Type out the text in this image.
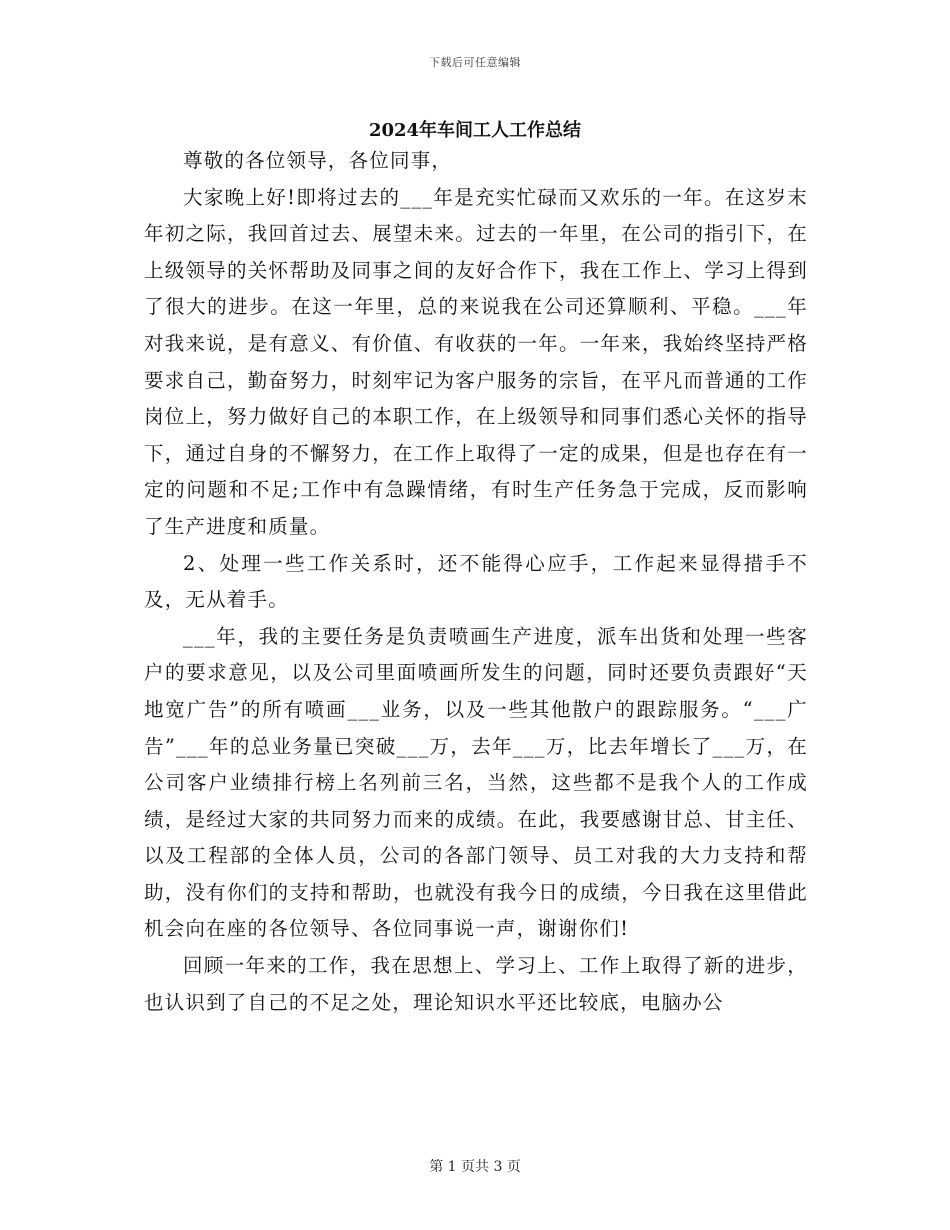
下载后可任意编辑
2024年车间工人工作总结

尊敬的各位领导，各位同事，

大家晚上好!即将过去的___年是充实忙碌而又欢乐的一年。在这岁末年初之际，我回首过去、展望未来。过去的一年里，在公司的指引下，在上级领导的关怀帮助及同事之间的友好合作下，我在工作上、学习上得到了很大的进步。在这一年里，总的来说我在公司还算顺利、平稳。___年对我来说，是有意义、有价值、有收获的一年。一年来，我始终坚持严格要求自己，勤奋努力，时刻牢记为客户服务的宗旨，在平凡而普通的工作岗位上，努力做好自己的本职工作，在上级领导和同事们悉心关怀的指导下，通过自身的不懈努力，在工作上取得了一定的成果，但是也存在有一定的问题和不足;工作中有急躁情绪，有时生产任务急于完成，反而影响了生产进度和质量。

2、处理一些工作关系时，还不能得心应手，工作起来显得措手不及，无从着手。

___年，我的主要任务是负责喷画生产进度，派车出货和处理一些客户的要求意见，以及公司里面喷画所发生的问题，同时还要负责跟好“天地宽广告”的所有喷画___业务，以及一些其他散户的跟踪服务。“___广告”___年的总业务量已突破___万，去年___万，比去年增长了___万，在公司客户业绩排行榜上名列前三名，当然，这些都不是我个人的工作成绩，是经过大家的共同努力而来的成绩。在此，我要感谢甘总、甘主任、以及工程部的全体人员，公司的各部门领导、员工对我的大力支持和帮助，没有你们的支持和帮助，也就没有我今日的成绩，今日我在这里借此机会向在座的各位领导、各位同事说一声，谢谢你们!

回顾一年来的工作，我在思想上、学习上、工作上取得了新的进步，也认识到了自己的不足之处，理论知识水平还比较底，电脑办公

第 1 页共 3 页
